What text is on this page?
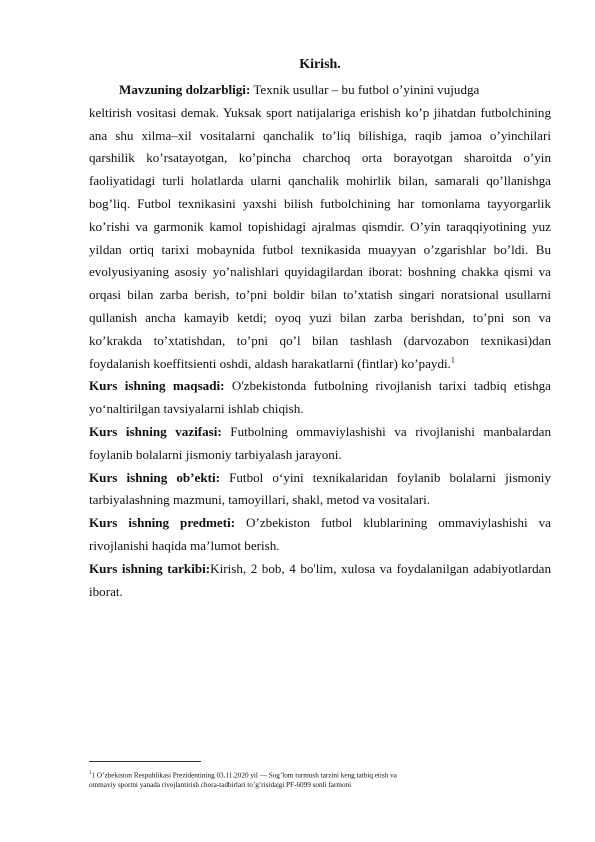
Kirish.

Mavzuning dolzarbligi: Texnik usullar – bu futbol o’yinini vujudga

keltirish vositasi demak. Yuksak sport natijalariga erishish ko’p jihatdan futbolchining ana shu xilma–xil vositalarni qanchalik to’liq bilishiga, raqib jamoa o’yinchilari qarshilik ko’rsatayotgan, ko’pincha charchoq orta borayotgan sharoitda o’yin faoliyatidagi turli holatlarda ularni qanchalik mohirlik bilan, samarali qo’llanishga bog’liq. Futbol texnikasini yaxshi bilish futbolchining har tomonlama tayyorgarlik ko’rishi va garmonik kamol topishidagi ajralmas qismdir. O’yin taraqqiyotining yuz yildan ortiq tarixi mobaynida futbol texnikasida muayyan o’zgarishlar bo’ldi. Bu evolyusiyaning asosiy yo’nalishlari quyidagilardan iborat: boshning chakka qismi va orqasi bilan zarba berish, to’pni boldir bilan to’xtatish singari noratsional usullarni qullanish ancha kamayib ketdi; oyoq yuzi bilan zarba berishdan, to’pni son va ko’krakda to’xtatishdan, to’pni qo’l bilan tashlash (darvozabon texnikasi)dan foydalanish koeffitsienti oshdi, aldash harakatlarni (fintlar) ko’paydi.$^1$

Kurs ishning maqsadi: O'zbekistonda futbolning rivojlanish tarixi tadbiq etishga yo‘naltirilgan tavsiyalarni ishlab chiqish.

Kurs ishning vazifasi: Futbolning ommaviylashishi va rivojlanishi manbalardan foylanib bolalarni jismoniy tarbiyalash jarayoni.

Kurs ishning ob’ekti: Futbol o‘yini texnikalaridan foylanib bolalarni jismoniy tarbiyalashning mazmuni, tamoyillari, shakl, metod va vositalari.

Kurs ishning predmeti: O’zbekiston futbol klublarining ommaviylashishi va rivojlanishi haqida ma’lumot berish.

Kurs ishning tarkibi:Kirish, 2 bob, 4 bo'lim, xulosa va foydalanilgan adabiyotlardan iborat.

$^1$1 O’zbekiston Respublikasi Prezidentining 03.11.2020 yil ― Sog’lom turmush tarzini keng tatbiq etish va

ommaviy sportni yanada rivojlantirish chora-tadbirlari to’g’risida|gi PF-6099 sonli farmoni
